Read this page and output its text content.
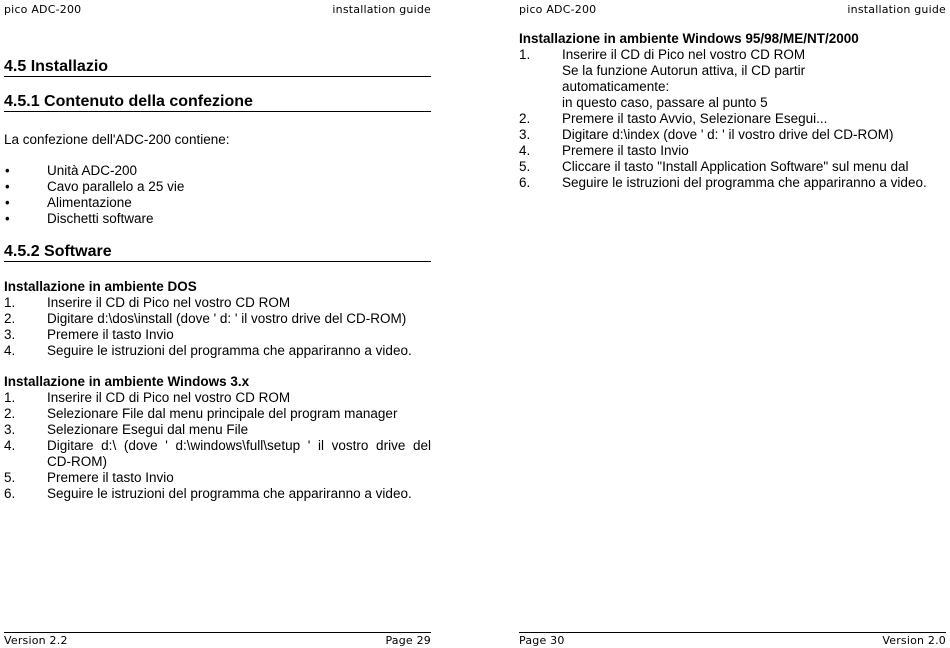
pico ADC-200	installation guide
4.5 Installazio
4.5.1 Contenuto della confezione
La confezione dell'ADC-200 contiene:
•	Unità ADC-200
•	Cavo parallelo a 25 vie
•	Alimentazione
•	Dischetti software
4.5.2 Software
Installazione in ambiente DOS
1. Inserire il CD di Pico nel vostro CD ROM
2. Digitare d:\dos\install (dove ' d: ' il vostro drive del CD-ROM)
3. Premere il tasto Invio
4. Seguire le istruzioni del programma che appariranno a video.
Installazione in ambiente Windows 3.x
1. Inserire il CD di Pico nel vostro CD ROM
2. Selezionare File dal menu principale del program manager
3. Selezionare Esegui dal menu File
4. Digitare d:\ (dove ' d:\windows\full\setup ' il vostro drive del
CD-ROM)
5. Premere il tasto Invio
6. Seguire le istruzioni del programma che appariranno a video.
Version 2.2	Page 29
pico ADC-200	installation guide
Installazione in ambiente Windows 95/98/ME/NT/2000
1. Inserire il CD di Pico nel vostro CD ROM
Se la funzione Autorun attiva, il CD partir
automaticamente:
in questo caso, passare al punto 5
2. Premere il tasto Avvio, Selezionare Esegui...
3. Digitare d:\index (dove ' d: ' il vostro drive del CD-ROM)
4. Premere il tasto Invio
5. Cliccare il tasto "Install Application Software" sul menu dal
6. Seguire le istruzioni del programma che appariranno a video.
Page 30	Version 2.0
